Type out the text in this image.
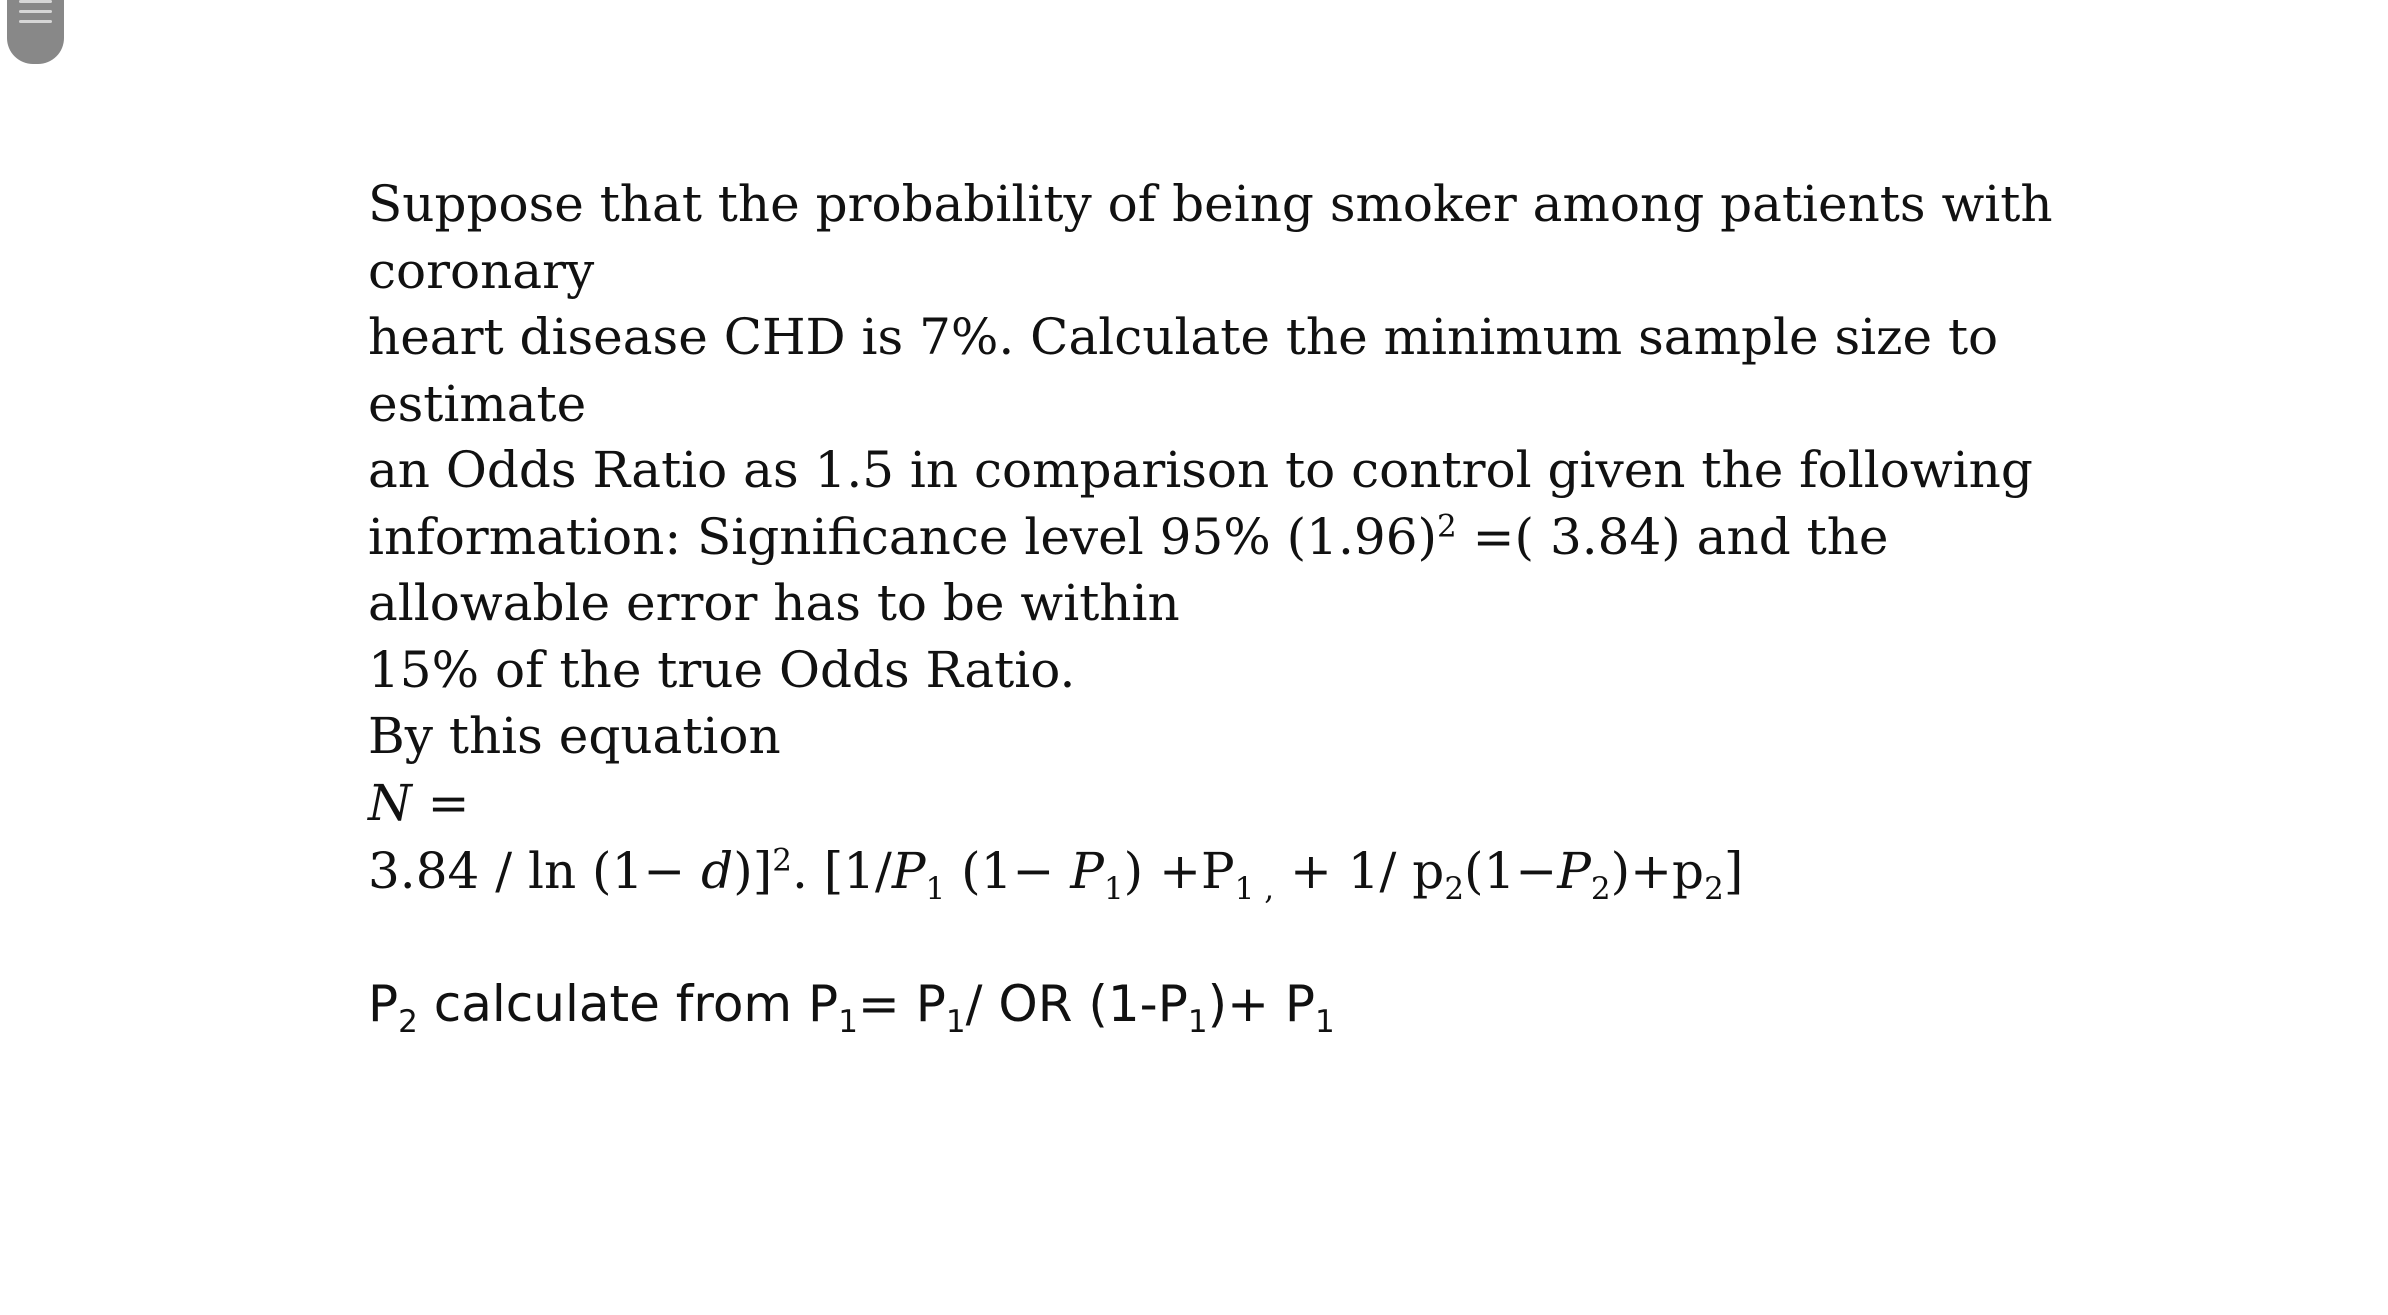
Suppose that the probability of being smoker among patients with
coronary
heart disease CHD is 7%. Calculate the minimum sample size to
estimate
an Odds Ratio as 1.5 in comparison to control given the following
information: Significance level 95% $(1.96)^2$ =( 3.84) and the
allowable error has to be within
15% of the true Odds Ratio.
By this equation
N =
3.84 / ln (1− d)]$^2$. [$1/P_1$ $(1- P_1) +P_1$ $_,$ + 1/ $p_2(1-P_2)+p_2$]
$P_2$ calculate from $P_1= P_1/$ OR $(1-P_1)+ P_1$
